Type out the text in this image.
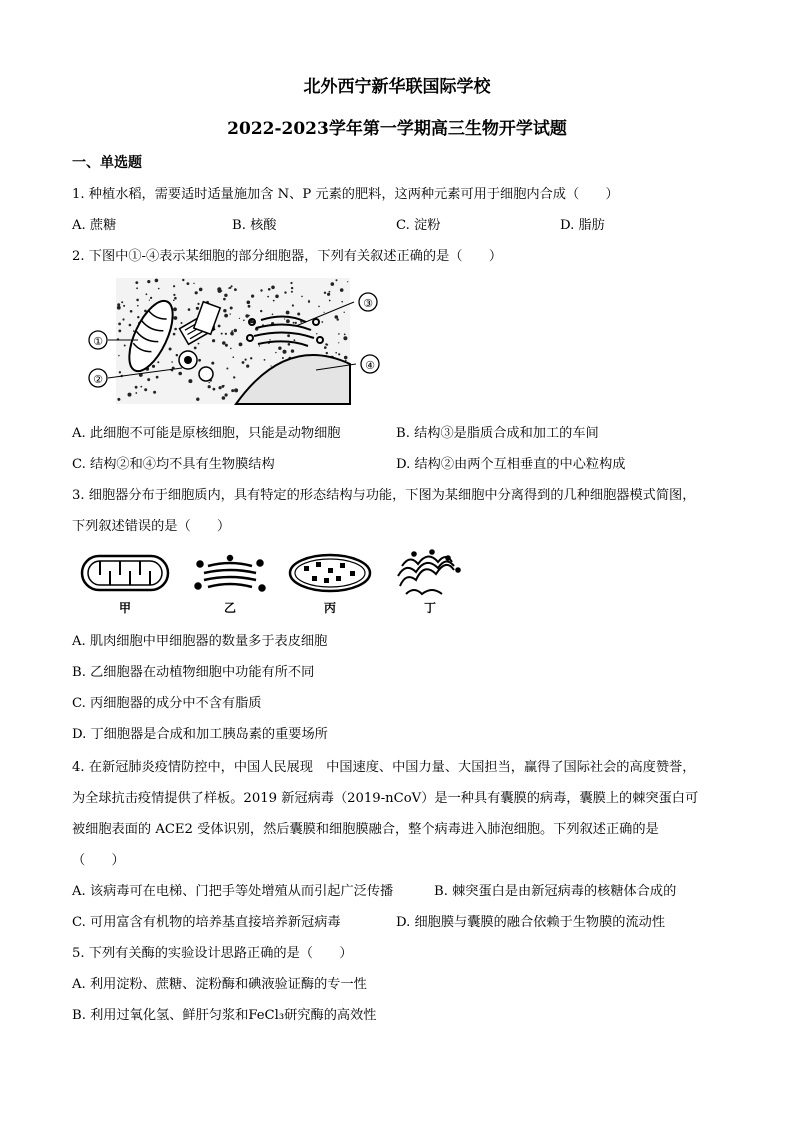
北外西宁新华联国际学校
2022-2023学年第一学期高三生物开学试题
一、单选题
1. 种植水稻，需要适时适量施加含 N、P 元素的肥料，这两种元素可用于细胞内合成（　　）
A. 蔗糖	B. 核酸	C. 淀粉	D. 脂肪
2. 下图中①-④表示某细胞的部分细胞器，下列有关叙述正确的是（　　）
①
②
③
④
A. 此细胞不可能是原核细胞，只能是动物细胞	B. 结构③是脂质合成和加工的车间
C. 结构②和④均不具有生物膜结构	D. 结构②由两个互相垂直的中心粒构成
3. 细胞器分布于细胞质内，具有特定的形态结构与功能，下图为某细胞中分离得到的几种细胞器模式简图，
下列叙述错误的是（　　）
甲	乙	丙	丁
A. 肌肉细胞中甲细胞器的数量多于表皮细胞
B. 乙细胞器在动植物细胞中功能有所不同
C. 丙细胞器的成分中不含有脂质
D. 丁细胞器是合成和加工胰岛素的重要场所
4. 在新冠肺炎疫情防控中，中国人民展现　中国速度、中国力量、大国担当，赢得了国际社会的高度赞誉，
为全球抗击疫情提供了样板。2019 新冠病毒（2019-nCoV）是一种具有囊膜的病毒，囊膜上的棘突蛋白可
被细胞表面的 ACE2 受体识别，然后囊膜和细胞膜融合，整个病毒进入肺泡细胞。下列叙述正确的是
（　　）
A. 该病毒可在电梯、门把手等处增殖从而引起广泛传播	B. 棘突蛋白是由新冠病毒的核糖体合成的
C. 可用富含有机物的培养基直接培养新冠病毒	D. 细胞膜与囊膜的融合依赖于生物膜的流动性
5. 下列有关酶的实验设计思路正确的是（　　）
A. 利用淀粉、蔗糖、淀粉酶和碘液验证酶的专一性
B. 利用过氧化氢、鲜肝匀浆和FeCl₃研究酶的高效性
